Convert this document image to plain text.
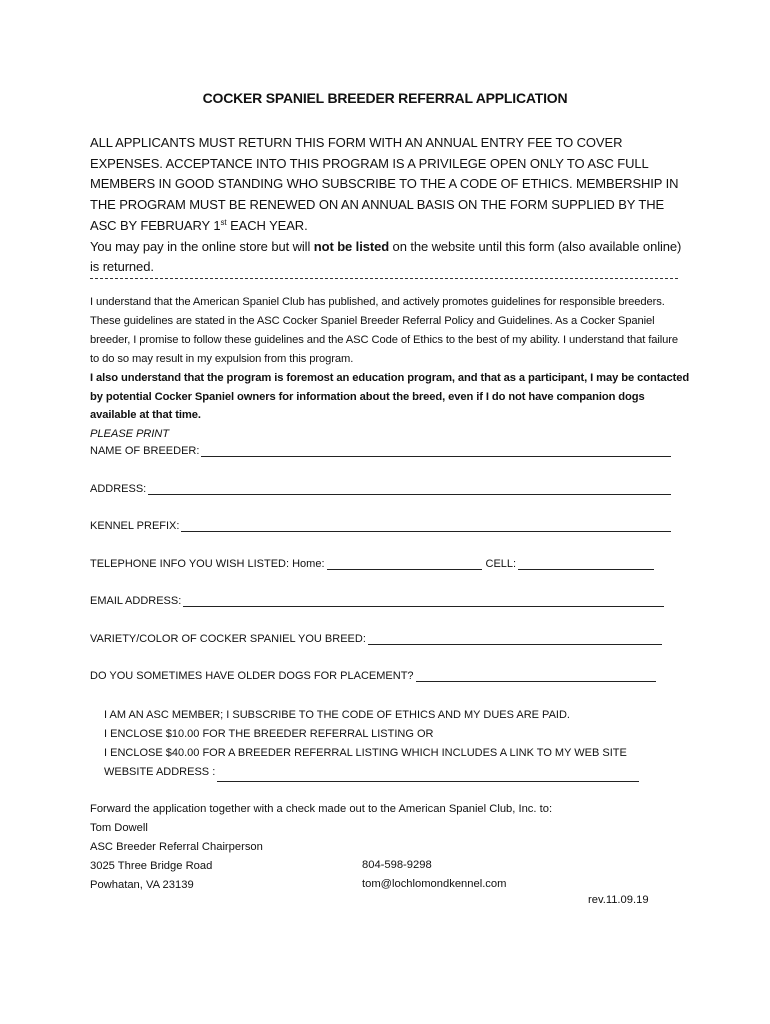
COCKER SPANIEL BREEDER REFERRAL APPLICATION

ALL APPLICANTS MUST RETURN THIS FORM WITH AN ANNUAL ENTRY FEE TO COVER EXPENSES. ACCEPTANCE INTO THIS PROGRAM IS A PRIVILEGE OPEN ONLY TO ASC FULL MEMBERS IN GOOD STANDING WHO SUBSCRIBE TO THE A CODE OF ETHICS. MEMBERSHIP IN THE PROGRAM MUST BE RENEWED ON AN ANNUAL BASIS ON THE FORM SUPPLIED BY THE ASC BY FEBRUARY 1st EACH YEAR.

You may pay in the online store but will not be listed on the website until this form (also available online) is returned.

I understand that the American Spaniel Club has published, and actively promotes guidelines for responsible breeders. These guidelines are stated in the ASC Cocker Spaniel Breeder Referral Policy and Guidelines. As a Cocker Spaniel breeder, I promise to follow these guidelines and the ASC Code of Ethics to the best of my ability. I understand that failure to do so may result in my expulsion from this program.

I also understand that the program is foremost an education program, and that as a participant, I may be contacted by potential Cocker Spaniel owners for information about the breed, even if I do not have companion dogs available at that time.

PLEASE PRINT

NAME OF BREEDER:
ADDRESS:
KENNEL PREFIX:
TELEPHONE INFO YOU WISH LISTED: Home:	CELL:
EMAIL ADDRESS:
VARIETY/COLOR OF COCKER SPANIEL YOU BREED:
DO YOU SOMETIMES HAVE OLDER DOGS FOR PLACEMENT?

I AM AN ASC MEMBER; I SUBSCRIBE TO THE CODE OF ETHICS AND MY DUES ARE PAID.

I ENCLOSE $10.00 FOR THE BREEDER REFERRAL LISTING OR

I ENCLOSE $40.00 FOR A BREEDER REFERRAL LISTING WHICH INCLUDES A LINK TO MY WEB SITE

WEBSITE ADDRESS :

Forward the application together with a check made out to the American Spaniel Club, Inc. to:

Tom Dowell

ASC Breeder Referral Chairperson

3025 Three Bridge Road

Powhatan, VA 23139

804-598-9298

tom@lochlomondkennel.com

rev.11.09.19
